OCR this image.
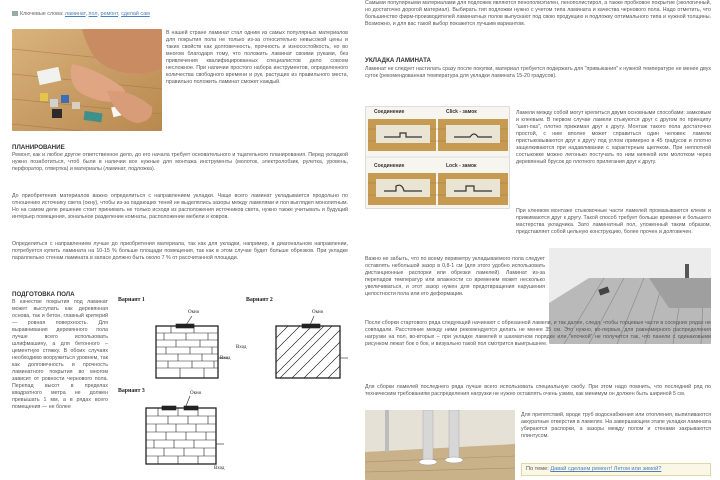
Ключевые слова: ламинат, пол, ремонт, сделай сам

В нашей стране ламинат стал одним из самых популярных материалов для покрытия пола не только из-за относительно невысокой цены и таких свойств как долговечность, прочность и износостойкость, но во многом благодаря тому, что положить ламинат своими руками, без привлечения квалифицированных специалистов дело совсем несложное. При наличии простого набора инструментов, определенного количества свободного времени и рук, растущих из правильного места, правильно положить ламинат сможет каждый.

ПЛАНИРОВАНИЕ

Ремонт, как и любое другое ответственное дело, до его начала требует основательного и тщательного планирования. Перед укладкой нужно позаботиться, чтоб были в наличии все нужные для монтажа инструменты (молоток, электролобзик, рулетка, уровень, перфоратор, отвертка) и материалы (ламинат, подложка).

До приобретения материалов важно определиться с направлением укладки. Чаще всего ламинат укладывается продольно по отношению источнику света (окну), чтобы из-за падающих теней не выделялись зазоры между ламелями и пол выглядел монолитным. Но на самом деле решение стоит принимать не только исходя из расположения источников света, нужно также учитывать и будущий интерьер помещения, зональное разделение комнаты, расположение мебели и ковров.

Определиться с направлением лучше до приобретения материала, так как для укладки, например, в диагональном направлении, потребуется купить ламината на 10-15 % больше площади помещения, так как в этом случае будет больше обрезков. При укладке параллельно стенам ламината в запасе должно быть около 7 % от рассчитанной площади.

ПОДГОТОВКА ПОЛА

В качестве покрытия под ламинат может выступать как деревянная основа, так и бетон, главный критерий — ровная поверхность. Для выравнивания деревянного пола лучше всего использовать шлифмашину, а для бетонного – цементную стяжку. В обоих случаях необходимо вооружиться уровнем, так как долговечность и прочность ламинатного покрытия во многом зависит от ровности чернового пола. Перепад высот в пределах квадратного метра не должен превышать 1 мм, а в рядах всего помещения — не более

Вариант 1	Вариант 2
Вариант 3
Окно
Вход
Окно
Вход
Окно
Вход

Самыми популярными материалами для подложек являются пенополиэтилен, пенополистирол, а также пробковое покрытие (экологичный, но достаточно дорогой материал). Выбирать тип подложки нужно с учетом типа ламината и качества чернового пола. Надо отметить, что большинство фирм-производителей ламинатных полов выпускают под свою продукцию и подложку оптимального типа и нужной толщины. Возможно, и для вас такой выбор покажется лучшим вариантом.

УКЛАДКА ЛАМИНАТА

Ламинат не следует настилать сразу после покупки, материал требуется подержать для "привыкания" к нужной температуре не менее двух суток (рекомендованная температура для укладки ламината 15-20 градусов).

Соединение	Click - замок
Соединение	Lock - замок

Ламели между собой могут крепиться двумя основными способами: замковым и клеевым. В первом случае ламели стыкуются друг с другом по принципу "шип-паз", плотно прижимая друг к другу. Монтаж такого пола достаточно простой, с ним вполне может справиться один человек: ламели пристыковываются друг к другу под углом примерно в 45 градусов и плотно защелкиваются при надавливании с характерным щелчком. При неплотной состыковке можно легонько постучать по ним киянкой или молотком через деревянный брусок до плотного прилегания друг к другу.

При клеевом монтаже стыковочные части ламелей промазываются клеем и прижимаются друг к другу. Такой способ требует больше времени и большего мастерства укладчика. Зато ламинатный пол, уложенный таким образом, представляет собой цельную конструкцию, более прочен и долговечен.

Важно не забыть, что по всему периметру укладываемого пола следует оставлять небольшой зазор в 0,8-1 см (для этого удобно использовать дистанционные распорки или обрезки ламелей). Ламинат из-за перепадов температур или влажности со временем может несколько увеличиваться, и этот зазор нужен для предотвращения нарушения целостности пола или его деформации.

После сборки стартового ряда следующий начинают с обрезанной ламели, и так далее, следя, чтобы торцевые части в соседних рядах не совпадали. Расстояние между ними рекомендуется делать не менее 35 см. Это нужно, во-первых, для равномерного распределения нагрузки на пол, во-вторых – при укладке ламелей в шахматном порядке или "елочкой" не получится так, что панели с одинаковыми рисунком лежат бок о бок, и визуально такой пол смотрится выигрышнее.

Для сборки ламелей последнего ряда лучше всего использовать специальную скобу. При этом надо помнить, что последний ряд по техническим требованиям распределения нагрузки не нужно оставлять очень узким, как минимум он должен быть шириной 5 см.

Для препятствий, вроде труб водоснабжения или отопления, выпиливаются аккуратные отверстия в ламелях. На завершающем этапе укладки ламината убираются распорки, а зазоры между полом и стенами закрываются плинтусом.

По теме: Давай сделаем ремонт! Летом или зимой?
